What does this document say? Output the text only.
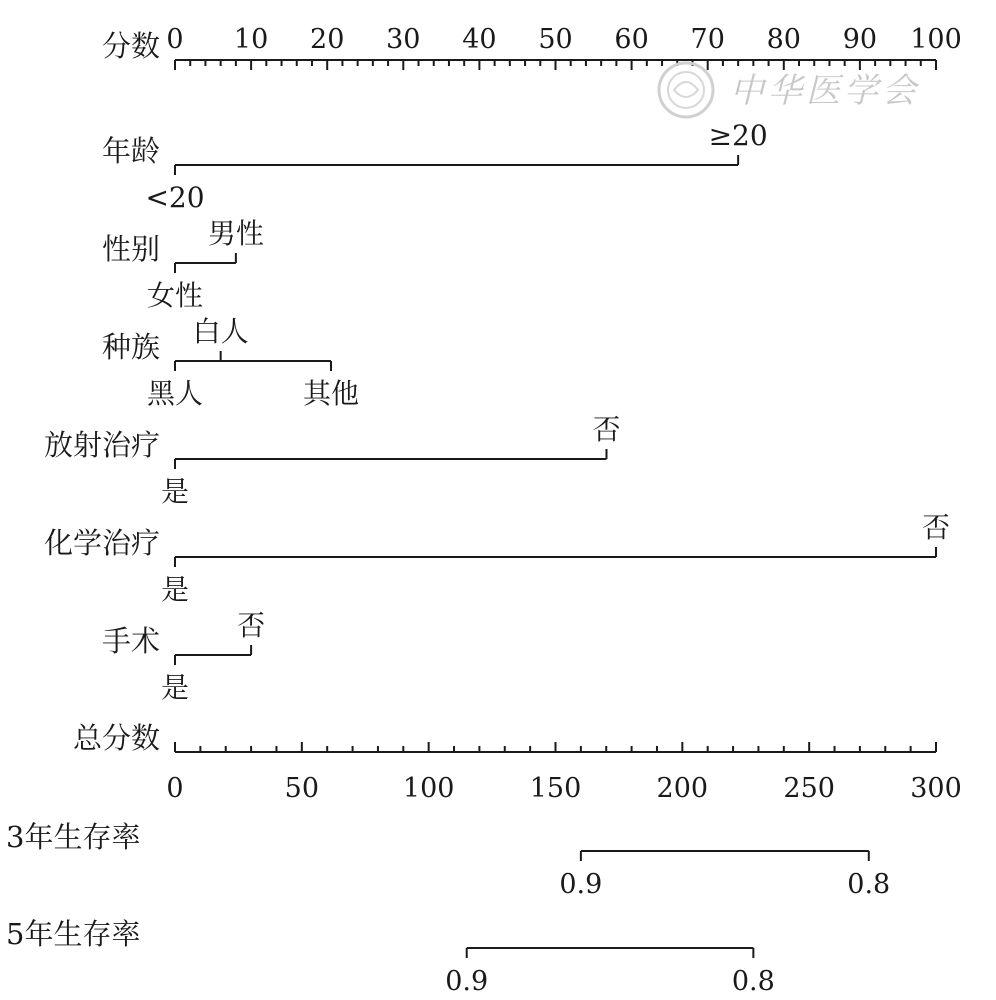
分数 0 10 20 30 40 50 60 70 80 90 100
年龄
<20
≥20
性别
女性
男性
种族
黑人
白人
其他
放射治疗
是
否
化学治疗
是
否
手术
是
否
总分数
0	50	100	150	200	250	300
3年生存率
0.9	0.8
5年生存率
0.9	0.8
中华医学会
